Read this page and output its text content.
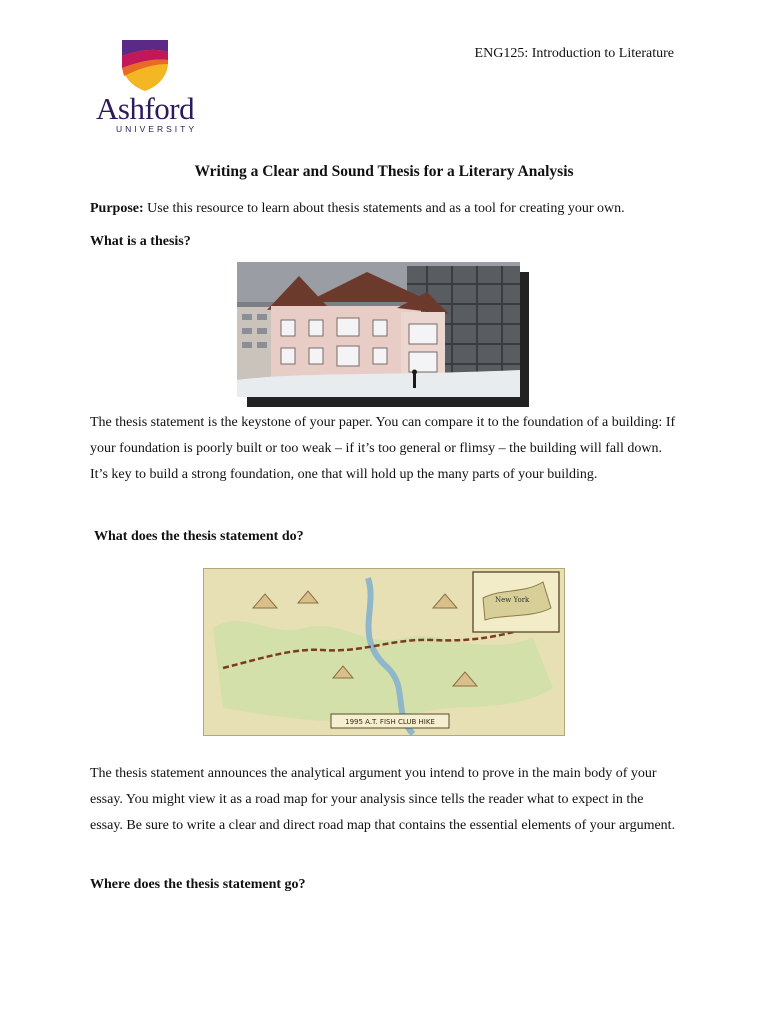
Ashford
UNIVERSITY
ENG125: Introduction to Literature
Writing a Clear and Sound Thesis for a Literary Analysis
Purpose: Use this resource to learn about thesis statements and as a tool for creating your own.
What is a thesis?
The thesis statement is the keystone of your paper. You can compare it to the foundation of a building: If
your foundation is poorly built or too weak – if it’s too general or flimsy – the building will fall down.
It’s key to build a strong foundation, one that will hold up the many parts of your building.
What does the thesis statement do?
New York
1995 A.T. FISH CLUB HIKE
The thesis statement announces the analytical argument you intend to prove in the main body of your
essay. You might view it as a road map for your analysis since tells the reader what to expect in the
essay. Be sure to write a clear and direct road map that contains the essential elements of your argument.
Where does the thesis statement go?
